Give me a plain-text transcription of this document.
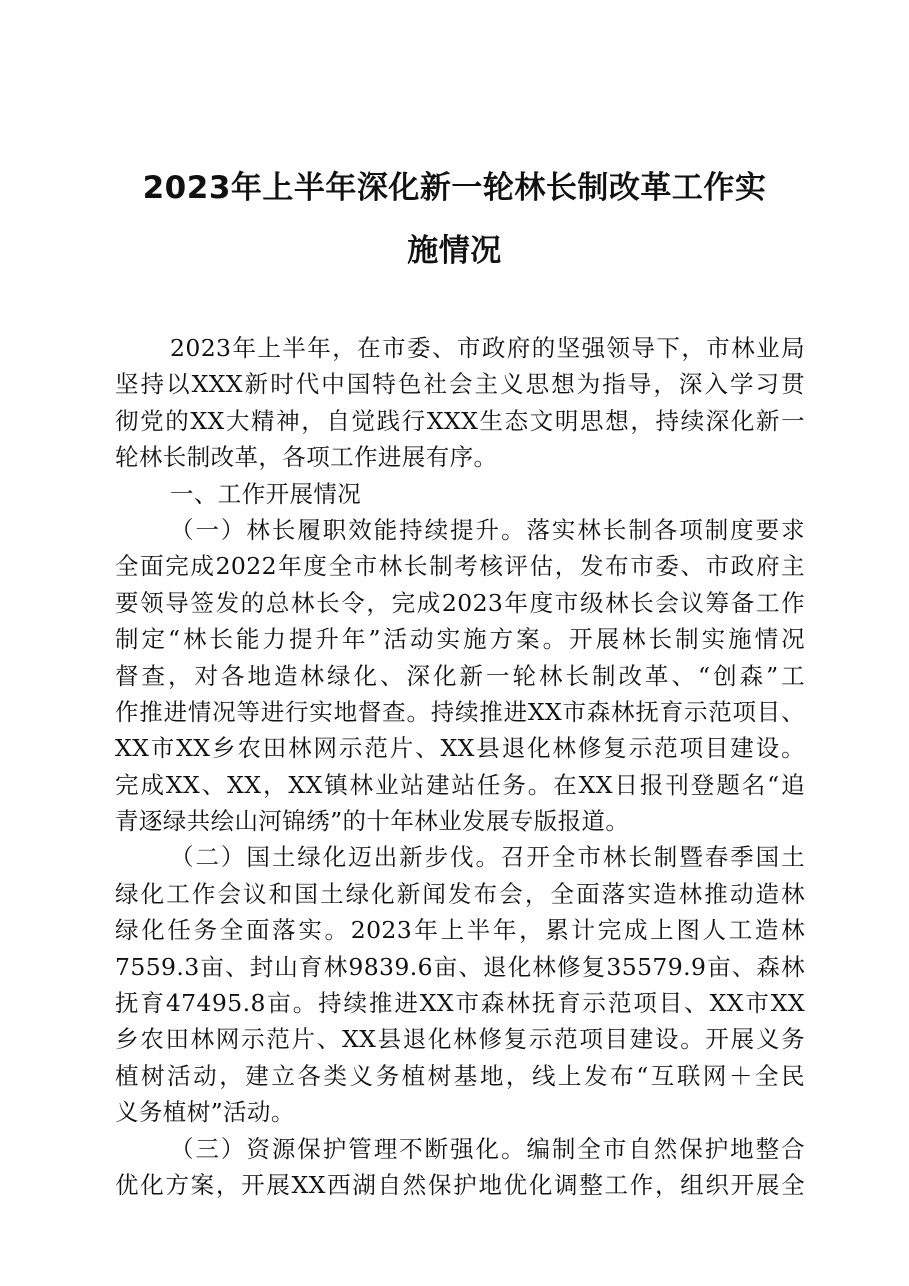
2023年上半年深化新一轮林长制改革工作实
施情况
2023年上半年，在市委、市政府的坚强领导下，市林业局
坚持以XXX新时代中国特色社会主义思想为指导，深入学习贯
彻党的XX大精神，自觉践行XXX生态文明思想，持续深化新一
轮林长制改革，各项工作进展有序。
一、工作开展情况
（一）林长履职效能持续提升。落实林长制各项制度要求
全面完成2022年度全市林长制考核评估，发布市委、市政府主
要领导签发的总林长令，完成2023年度市级林长会议筹备工作
制定“林长能力提升年”活动实施方案。开展林长制实施情况
督查，对各地造林绿化、深化新一轮林长制改革、“创森”工
作推进情况等进行实地督查。持续推进XX市森林抚育示范项目、
XX市XX乡农田林网示范片、XX县退化林修复示范项目建设。
完成XX、XX，XX镇林业站建站任务。在XX日报刊登题名“追
青逐绿共绘山河锦绣”的十年林业发展专版报道。
（二）国土绿化迈出新步伐。召开全市林长制暨春季国土
绿化工作会议和国土绿化新闻发布会，全面落实造林推动造林
绿化任务全面落实。2023年上半年，累计完成上图人工造林
7559.3亩、封山育林9839.6亩、退化林修复35579.9亩、森林
抚育47495.8亩。持续推进XX市森林抚育示范项目、XX市XX
乡农田林网示范片、XX县退化林修复示范项目建设。开展义务
植树活动，建立各类义务植树基地，线上发布“互联网＋全民
义务植树”活动。
（三）资源保护管理不断强化。编制全市自然保护地整合
优化方案，开展XX西湖自然保护地优化调整工作，组织开展全
